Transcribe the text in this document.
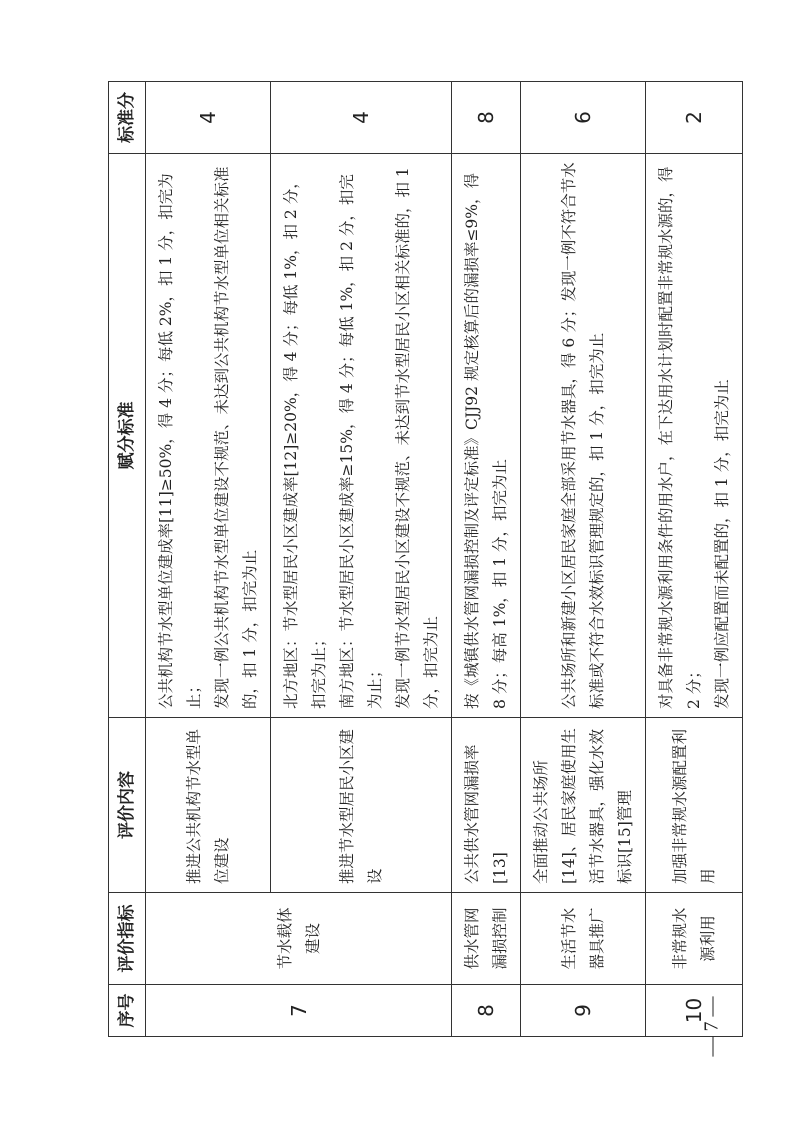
序号	评价指标	评价内容	赋分标准	标准分
7	节水载体建设	推进公共机构节水型单位建设	公共机构节水型单位建成率[11]≥50%，得 4 分；每低 2%，扣 1 分，扣完为止； 发现一例公共机构节水型单位建设不规范、未达到公共机构节水型单位相关标准的，扣 1 分，扣完为止	4
		推进节水型居民小区建设	北方地区：节水型居民小区建成率[12]≥20%，得 4 分；每低 1%，扣 2 分，扣完为止； 南方地区：节水型居民小区建成率≥15%，得 4 分；每低 1%，扣 2 分，扣完为止； 发现一例节水型居民小区建设不规范、未达到节水型居民小区相关标准的，扣 1 分，扣完为止	4
8	供水管网漏损控制	公共供水管网漏损率[13]	按《城镇供水管网漏损控制及评定标准》CJJ92 规定核算后的漏损率≤9%，得 8 分；每高 1%，扣 1 分，扣完为止	8
9	生活节水器具推广	全面推动公共场所[14]、居民家庭使用生活节水器具，强化水效标识[15]管理	公共场所和新建小区居民家庭全部采用节水器具，得 6 分；发现一例不符合节水标准或不符合水效标识管理规定的，扣 1 分，扣完为止	6
10	非常规水源利用	加强非常规水源配置利用	对具备非常规水源利用条件的用水户，在下达用水计划时配置非常规水源的，得 2 分； 发现一例应配置而未配置的，扣 1 分，扣完为止	2
— 7 —
